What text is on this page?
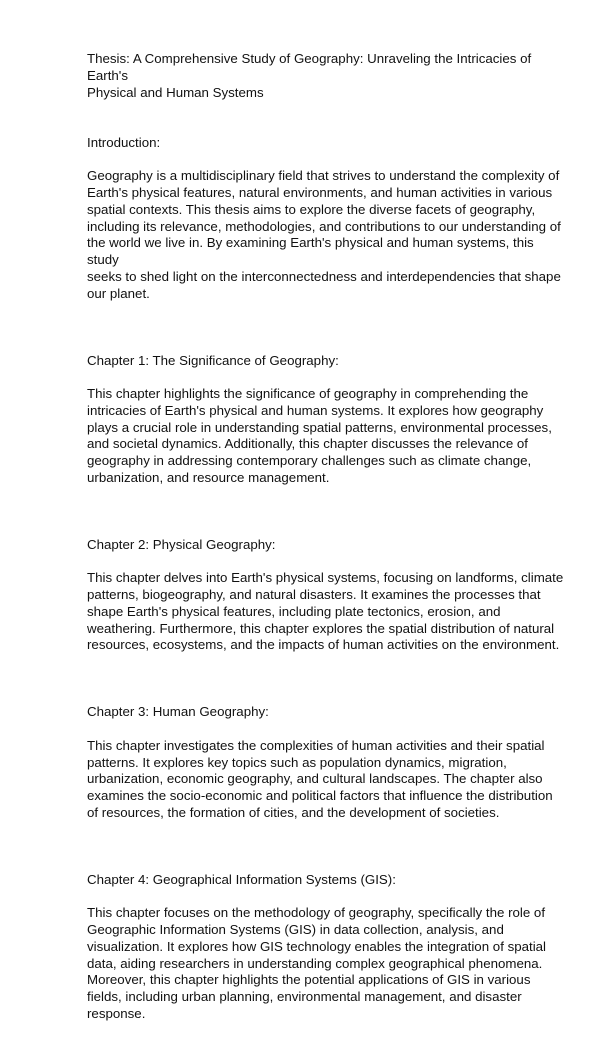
Thesis: A Comprehensive Study of Geography: Unraveling the Intricacies of Earth's
Physical and Human Systems

Introduction:

Geography is a multidisciplinary field that strives to understand the complexity of
Earth's physical features, natural environments, and human activities in various
spatial contexts. This thesis aims to explore the diverse facets of geography,
including its relevance, methodologies, and contributions to our understanding of
the world we live in. By examining Earth's physical and human systems, this study
seeks to shed light on the interconnectedness and interdependencies that shape
our planet.

Chapter 1: The Significance of Geography:

This chapter highlights the significance of geography in comprehending the
intricacies of Earth's physical and human systems. It explores how geography
plays a crucial role in understanding spatial patterns, environmental processes,
and societal dynamics. Additionally, this chapter discusses the relevance of
geography in addressing contemporary challenges such as climate change,
urbanization, and resource management.

Chapter 2: Physical Geography:

This chapter delves into Earth's physical systems, focusing on landforms, climate
patterns, biogeography, and natural disasters. It examines the processes that
shape Earth's physical features, including plate tectonics, erosion, and
weathering. Furthermore, this chapter explores the spatial distribution of natural
resources, ecosystems, and the impacts of human activities on the environment.

Chapter 3: Human Geography:

This chapter investigates the complexities of human activities and their spatial
patterns. It explores key topics such as population dynamics, migration,
urbanization, economic geography, and cultural landscapes. The chapter also
examines the socio-economic and political factors that influence the distribution
of resources, the formation of cities, and the development of societies.

Chapter 4: Geographical Information Systems (GIS):

This chapter focuses on the methodology of geography, specifically the role of
Geographic Information Systems (GIS) in data collection, analysis, and
visualization. It explores how GIS technology enables the integration of spatial
data, aiding researchers in understanding complex geographical phenomena.
Moreover, this chapter highlights the potential applications of GIS in various
fields, including urban planning, environmental management, and disaster
response.
